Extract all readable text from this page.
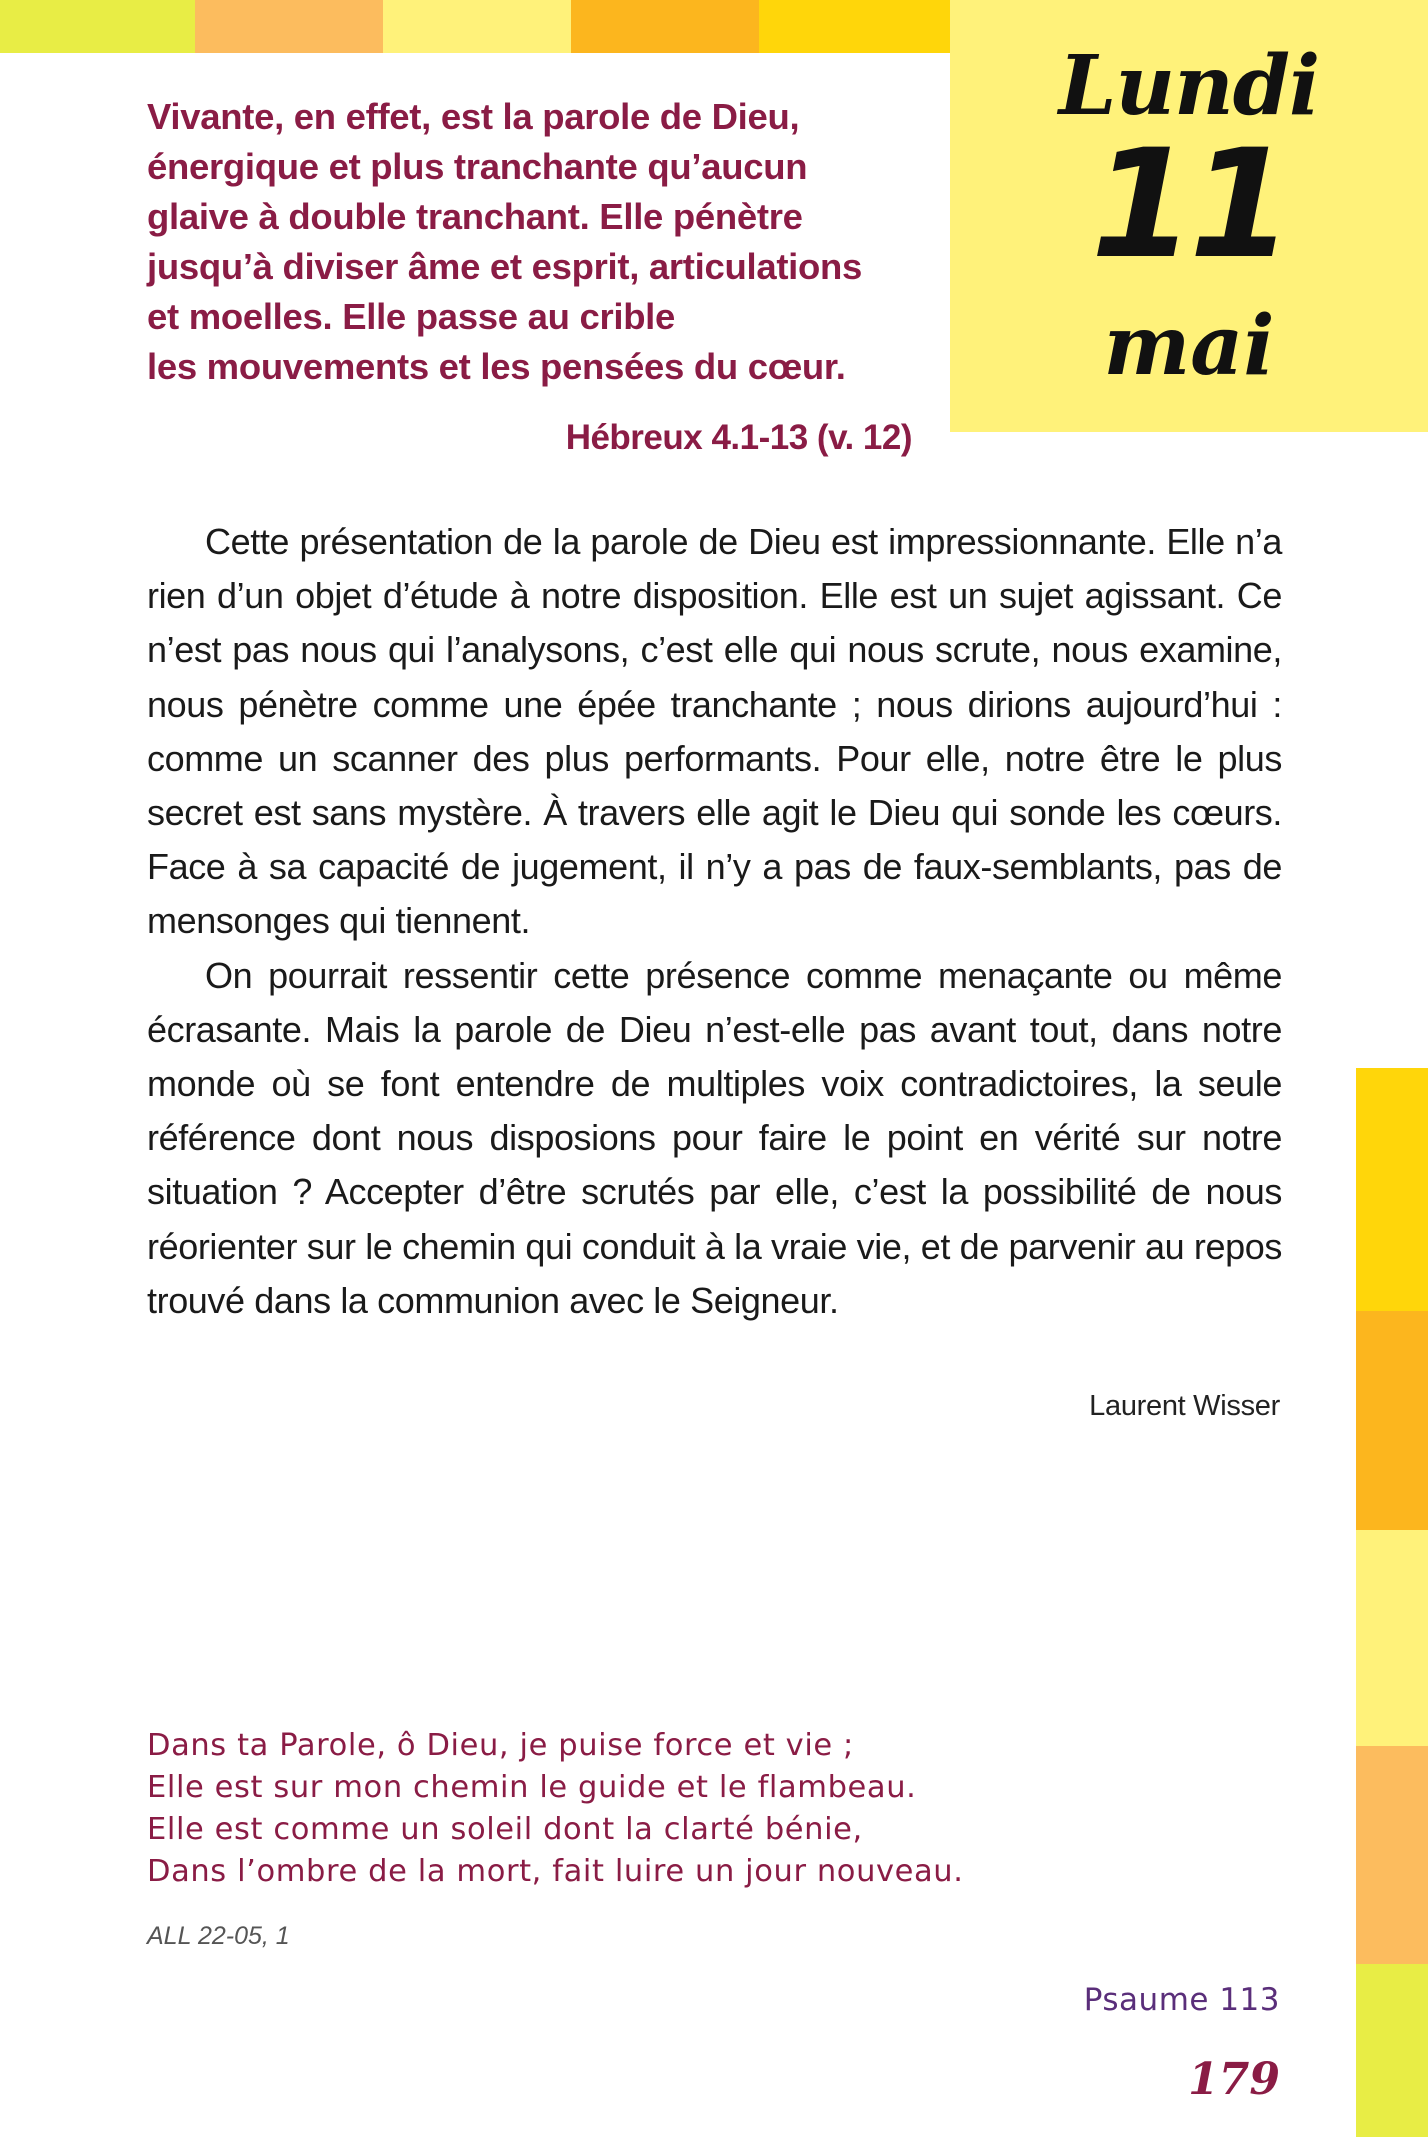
Lundi
11
mai
Vivante, en effet, est la parole de Dieu,
énergique et plus tranchante qu’aucun
glaive à double tranchant. Elle pénètre
jusqu’à diviser âme et esprit, articulations
et moelles. Elle passe au crible
les mouvements et les pensées du cœur.
Hébreux 4.1-13 (v. 12)

Cette présentation de la parole de Dieu est impressionnante. Elle n’a rien d’un objet d’étude à notre disposition. Elle est un sujet agissant. Ce n’est pas nous qui l’analysons, c’est elle qui nous scrute, nous examine, nous pénètre comme une épée tranchante ; nous dirions aujourd’hui : comme un scanner des plus performants. Pour elle, notre être le plus secret est sans mystère. À travers elle agit le Dieu qui sonde les cœurs. Face à sa capacité de jugement, il n’y a pas de faux-semblants, pas de mensonges qui tiennent.

On pourrait ressentir cette présence comme menaçante ou même écrasante. Mais la parole de Dieu n’est-elle pas avant tout, dans notre monde où se font entendre de multiples voix contradictoires, la seule référence dont nous disposions pour faire le point en vérité sur notre situation ? Accepter d’être scrutés par elle, c’est la possibilité de nous réorienter sur le chemin qui conduit à la vraie vie, et de parvenir au repos trouvé dans la communion avec le Seigneur.

Laurent Wisser
Dans ta Parole, ô Dieu, je puise force et vie ;
Elle est sur mon chemin le guide et le flambeau.
Elle est comme un soleil dont la clarté bénie,
Dans l’ombre de la mort, fait luire un jour nouveau.
ALL 22-05, 1
Psaume 113
179
